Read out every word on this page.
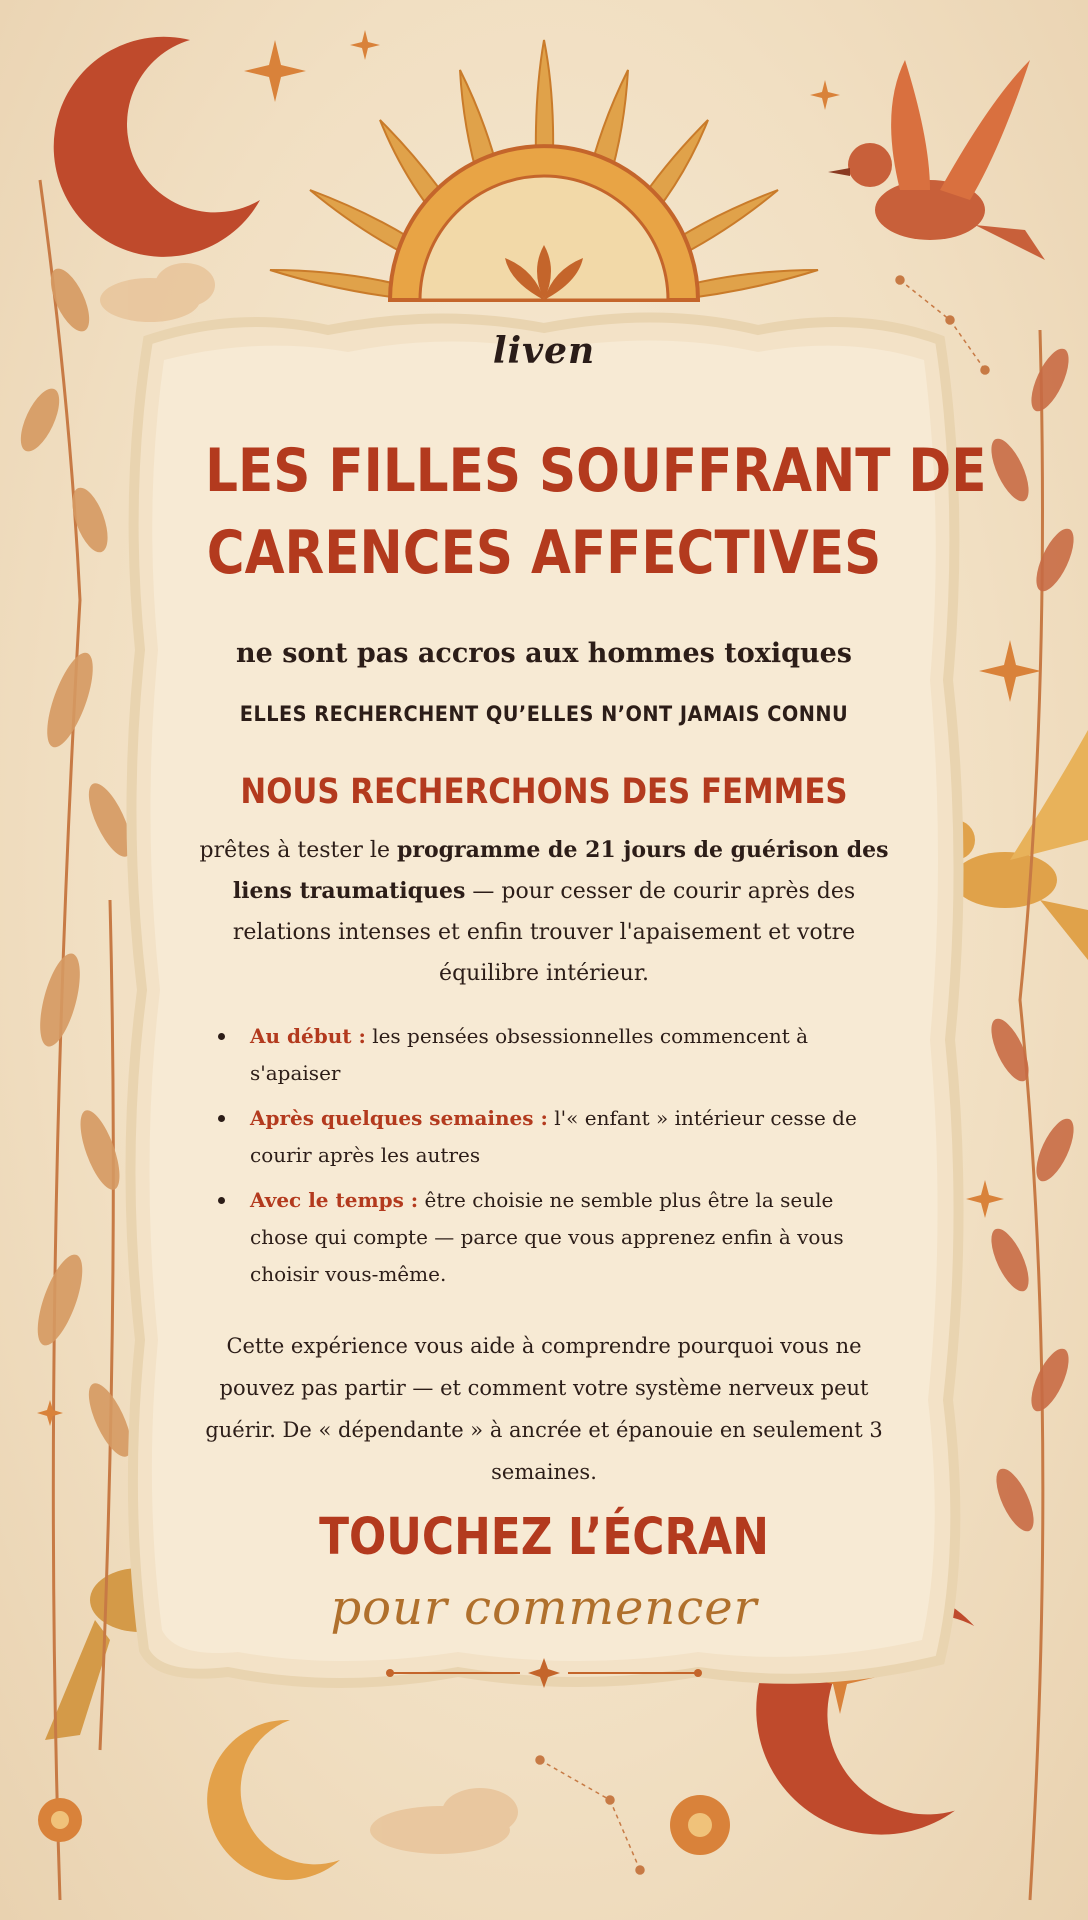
liven
LES FILLES SOUFFRANT DE
CARENCES AFFECTIVES
ne sont pas accros aux hommes toxiques
ELLES RECHERCHENT QU’ELLES N’ONT JAMAIS CONNU
NOUS RECHERCHONS DES FEMMES
prêtes à tester le programme de 21 jours de guérison des liens traumatiques — pour cesser de courir après des relations intenses et enfin trouver l'apaisement et votre équilibre intérieur.
Au début : les pensées obsessionnelles commencent à s'apaiser
Après quelques semaines : l'« enfant » intérieur cesse de courir après les autres
Avec le temps : être choisie ne semble plus être la seule chose qui compte — parce que vous apprenez enfin à vous choisir vous-même.
Cette expérience vous aide à comprendre pourquoi vous ne pouvez pas partir — et comment votre système nerveux peut guérir. De « dépendante » à ancrée et épanouie en seulement 3 semaines.
TOUCHEZ L’ÉCRAN
pour commencer
